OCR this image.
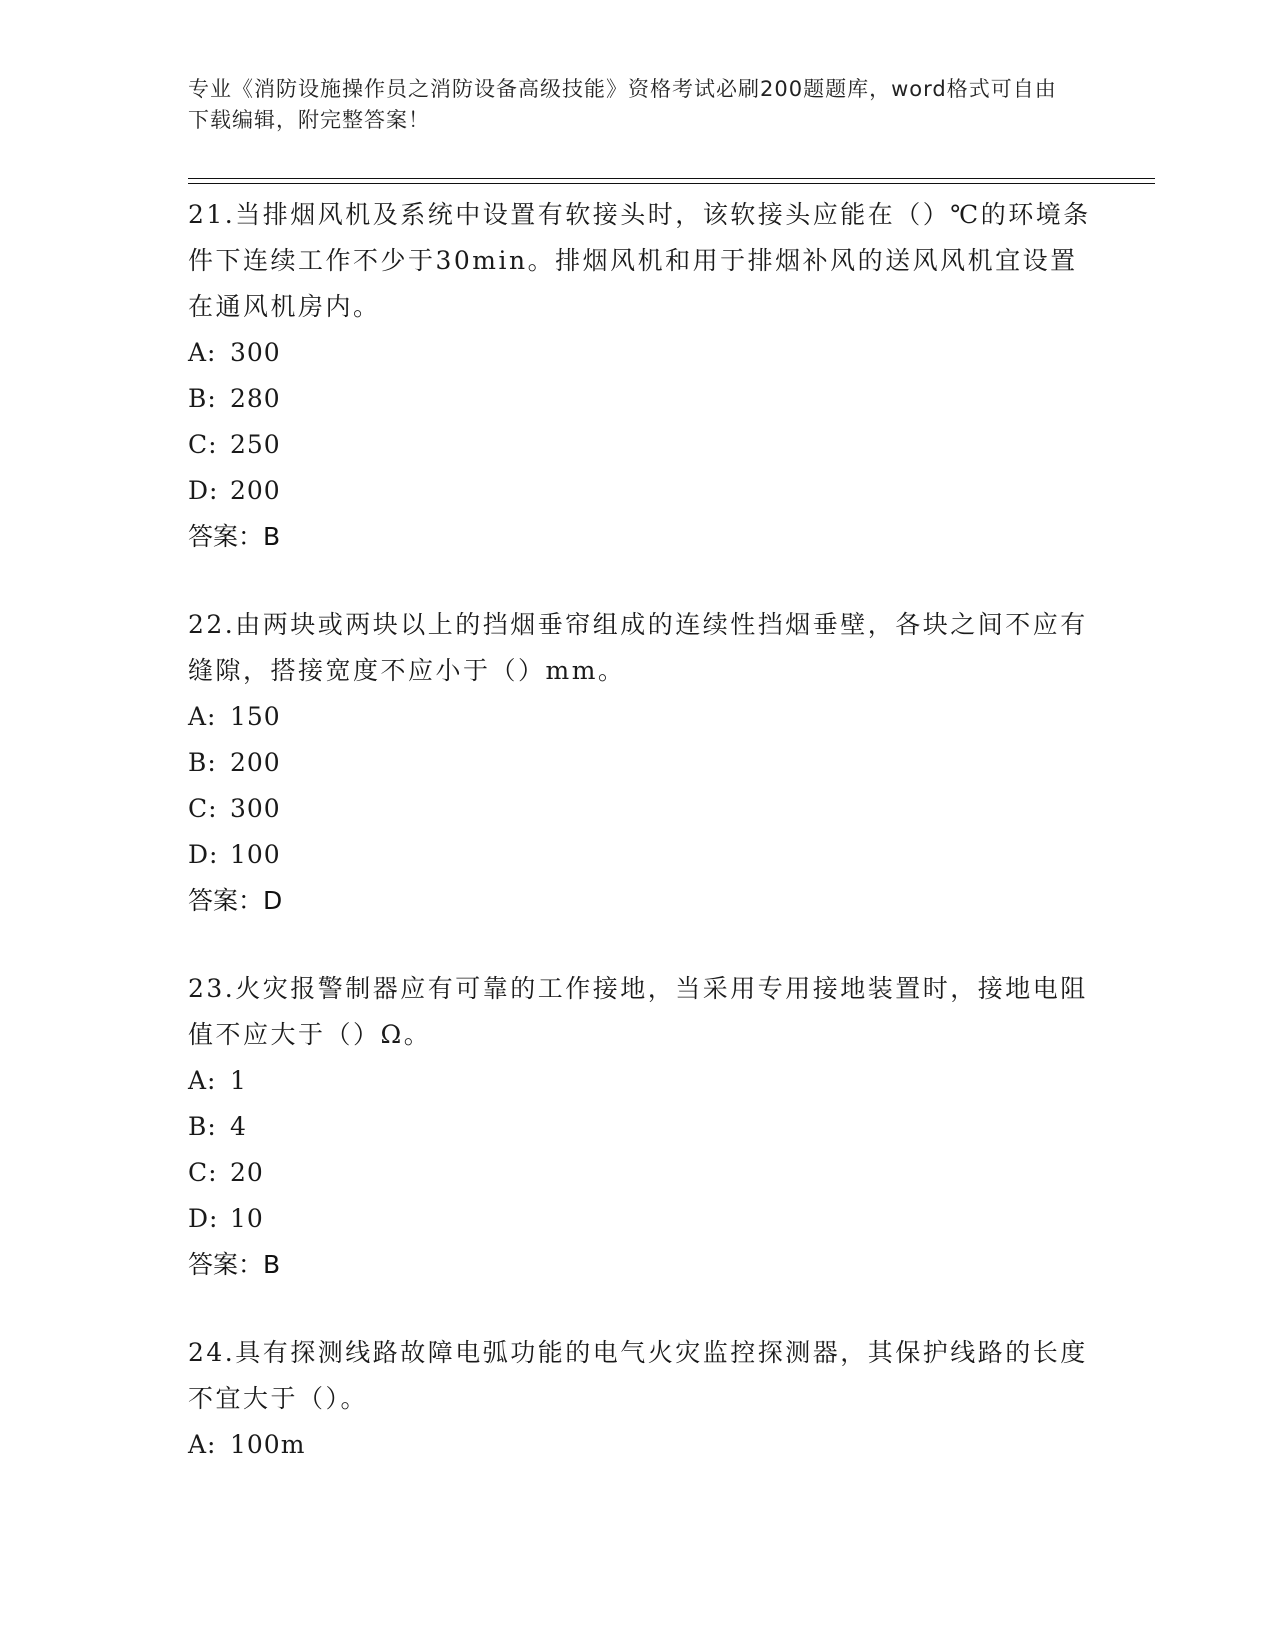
专业《消防设施操作员之消防设备高级技能》资格考试必刷200题题库，word格式可自由下载编辑，附完整答案！

21.当排烟风机及系统中设置有软接头时，该软接头应能在（）℃的环境条件下连续工作不少于30min。排烟风机和用于排烟补风的送风风机宜设置在通风机房内。

A: 300

B: 280

C: 250

D: 200

答案：B

22.由两块或两块以上的挡烟垂帘组成的连续性挡烟垂壁，各块之间不应有缝隙，搭接宽度不应小于（）mm。

A: 150

B: 200

C: 300

D: 100

答案：D

23.火灾报警制器应有可靠的工作接地，当采用专用接地装置时，接地电阻值不应大于（）Ω。

A: 1

B: 4

C: 20

D: 10

答案：B

24.具有探测线路故障电弧功能的电气火灾监控探测器，其保护线路的长度不宜大于（）。

A: 100m
